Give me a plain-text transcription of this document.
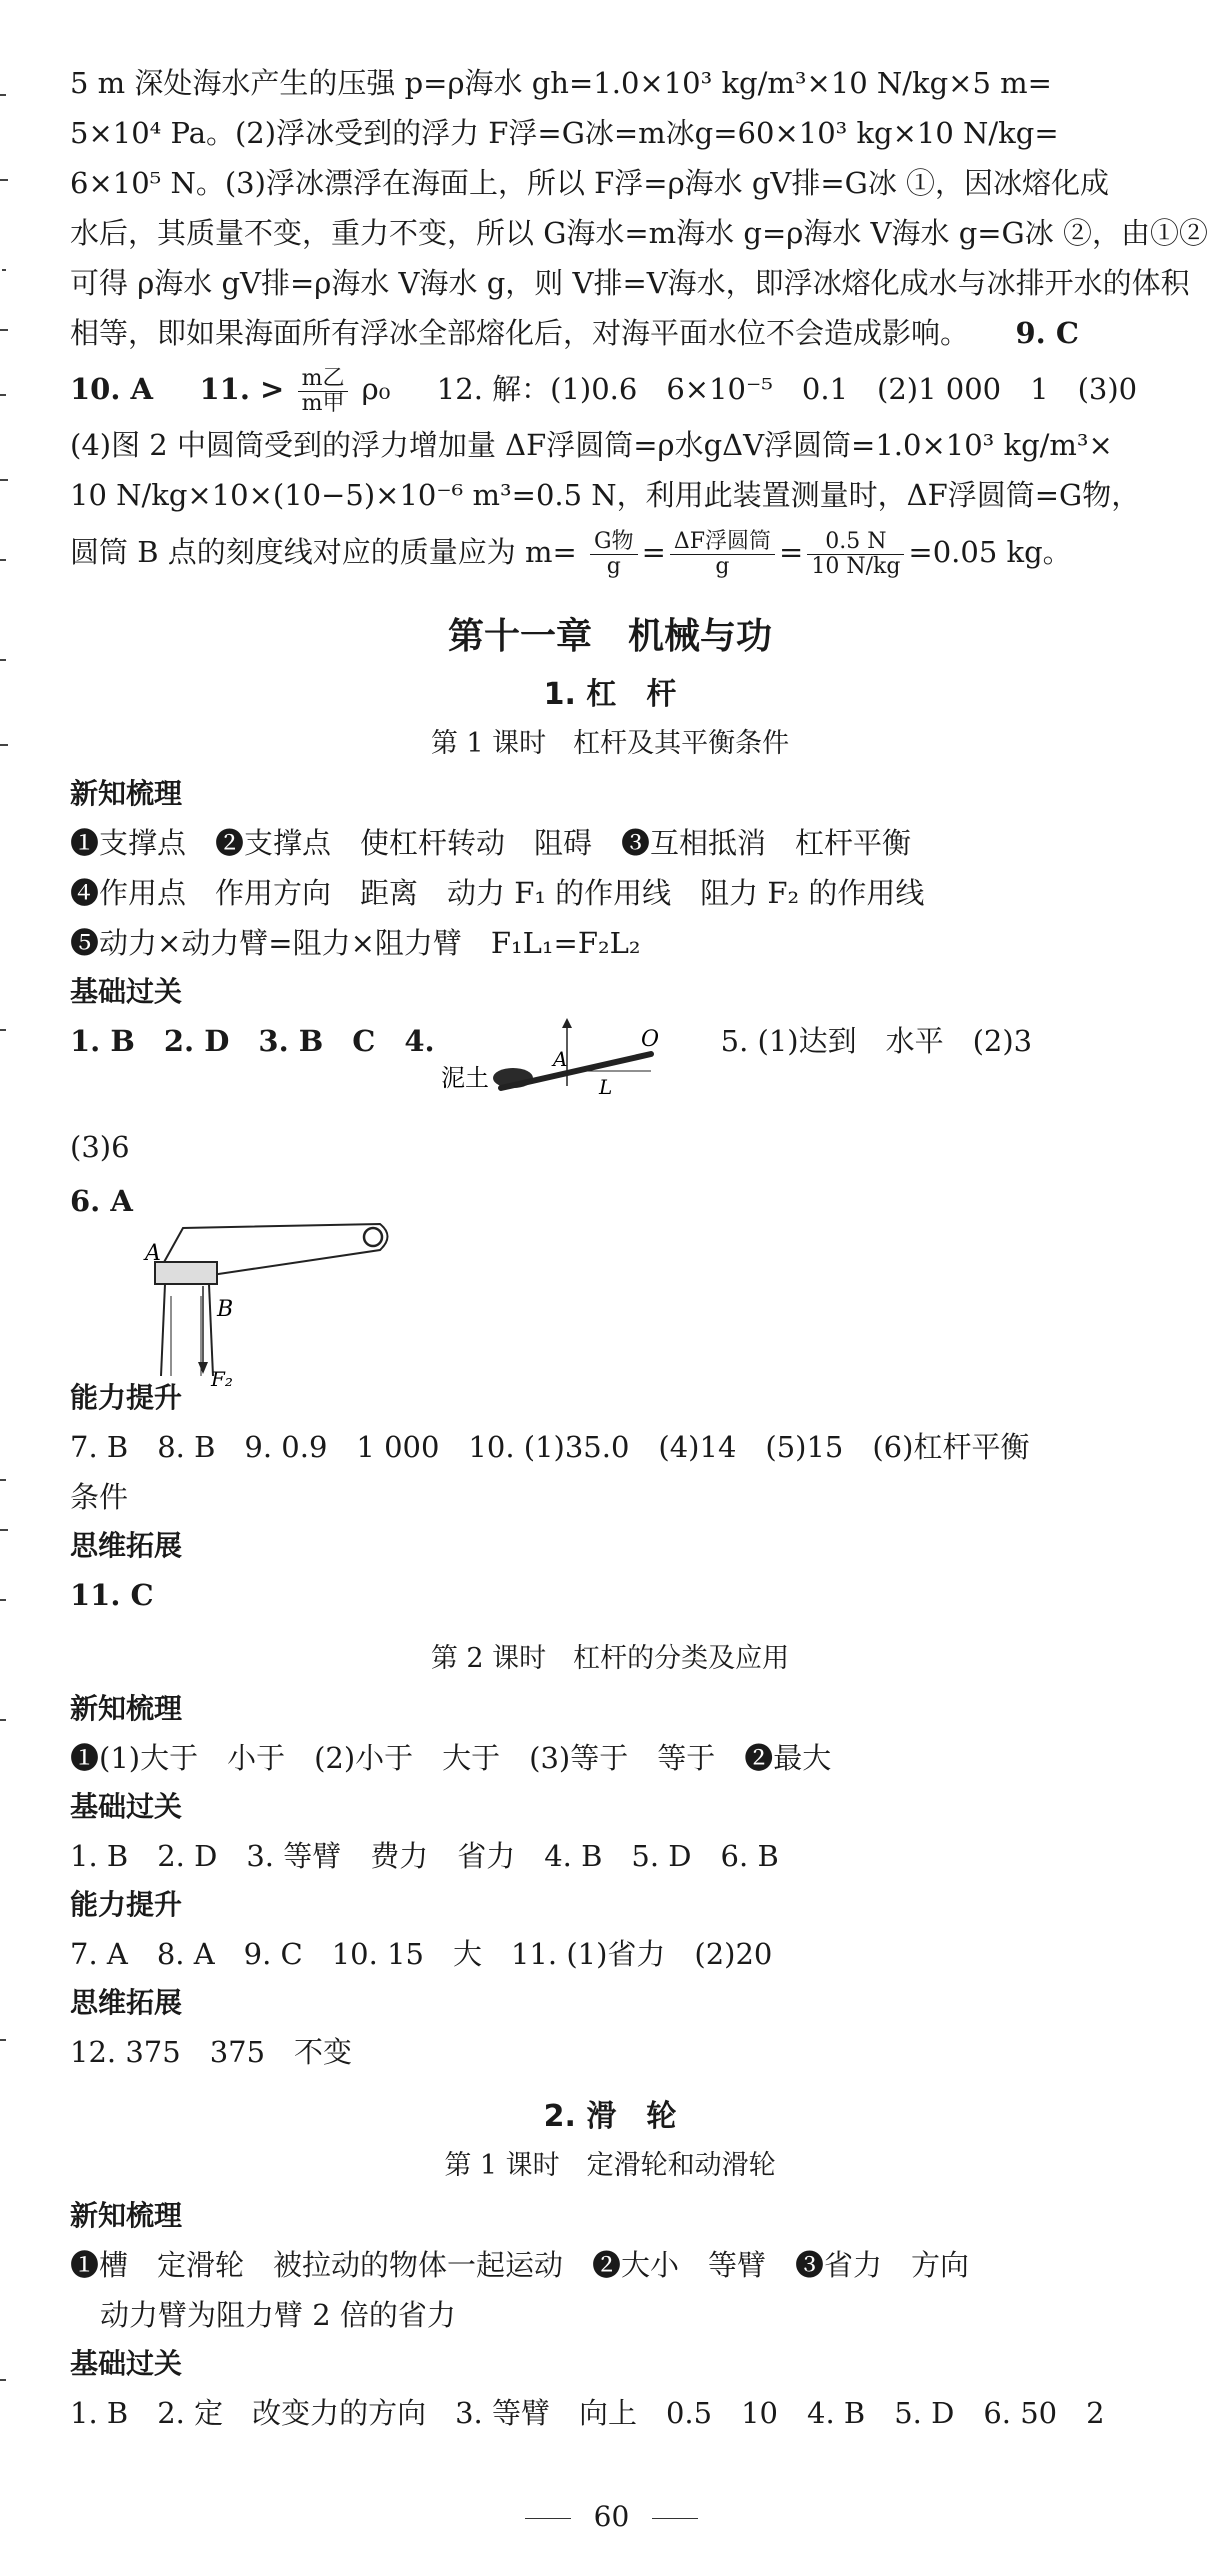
5 m 深处海水产生的压强 p=ρ海水 gh=1.0×10³ kg/m³×10 N/kg×5 m=

5×10⁴ Pa。(2)浮冰受到的浮力 F浮=G冰=m冰g=60×10³ kg×10 N/kg=

6×10⁵ N。(3)浮冰漂浮在海面上，所以 F浮=ρ海水 gV排=G冰 ①，因冰熔化成

水后，其质量不变，重力不变，所以 G海水=m海水 g=ρ海水 V海水 g=G冰 ②，由①②

可得 ρ海水 gV排=ρ海水 V海水 g，则 V排=V海水，即浮冰熔化成水与冰排开水的体积

相等，即如果海面所有浮冰全部熔化后，对海平面水位不会造成影响。 9. C

10. A 11. > $\frac{\text{m乙}}{\text{m甲}} \rho_0$ 12. 解：(1)0.6　6×10⁻⁵　0.1　(2)1 000　1　(3)0

(4)图 2 中圆筒受到的浮力增加量 ΔF浮圆筒=ρ水gΔV浮圆筒=1.0×10³ kg/m³×

10 N/kg×10×(10−5)×10⁻⁶ m³=0.5 N，利用此装置测量时，ΔF浮圆筒=G物，

圆筒 B 点的刻度线对应的质量应为 $m= \frac{\text{G物}}{g} = \frac{\text{ΔF浮圆筒}}{g} = \frac{0.5 N}{10 N/kg} =0.05$ kg。

第十一章　机械与功
1. 杠　杆
第 1 课时　杠杆及其平衡条件

新知梳理

❶支撑点　❷支撑点　使杠杆转动　阻碍　❸互相抵消　杠杆平衡

❹作用点　作用方向　距离　动力 F₁ 的作用线　阻力 F₂ 的作用线

❺动力×动力臂=阻力×阻力臂　F₁L₁=F₂L₂

基础过关

1. B　2. D　3. B　C　4.
泥土
A
O
L
5. (1)达到　水平　(2)3

(3)6

6. A
A
B
F₂

能力提升

7. B　8. B　9. 0.9　1 000　10. (1)35.0　(4)14　(5)15　(6)杠杆平衡

条件

思维拓展

11. C

第 2 课时　杠杆的分类及应用

新知梳理

❶(1)大于　小于　(2)小于　大于　(3)等于　等于　❷最大

基础过关

1. B　2. D　3. 等臂　费力　省力　4. B　5. D　6. B

能力提升

7. A　8. A　9. C　10. 15　大　11. (1)省力　(2)20

思维拓展

12. 375　375　不变

2. 滑　轮
第 1 课时　定滑轮和动滑轮

新知梳理

❶槽　定滑轮　被拉动的物体一起运动　❷大小　等臂　❸省力　方向

动力臂为阻力臂 2 倍的省力

基础过关

1. B　2. 定　改变力的方向　3. 等臂　向上　0.5　10　4. B　5. D　6. 50　2

60
